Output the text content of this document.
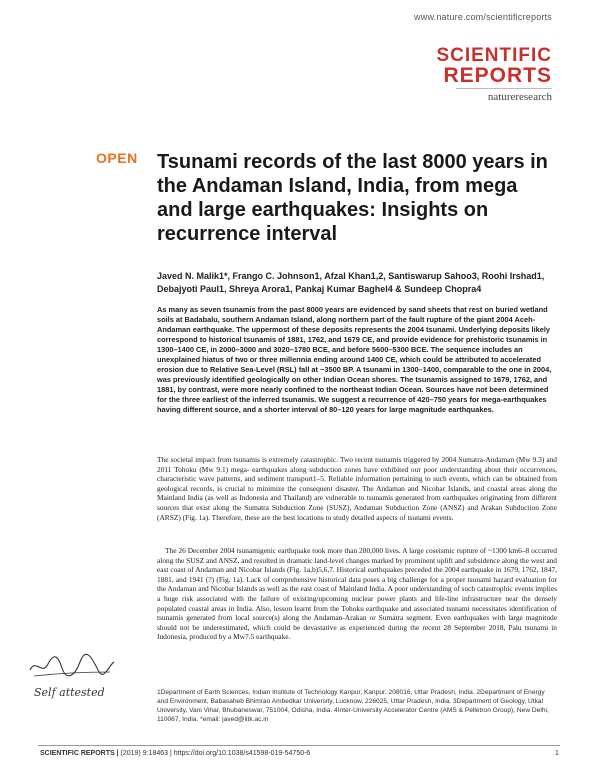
www.nature.com/scientificreports
SCIENTIFIC
REPORTS
natureresearch
OPEN Tsunami records of the last 8000 years in the Andaman Island, India, from mega and large earthquakes: Insights on recurrence interval
Javed N. Malik1*, Frango C. Johnson1, Afzal Khan1,2, Santiswarup Sahoo3, Roohi Irshad1, Debajyoti Paul1, Shreya Arora1, Pankaj Kumar Baghel4 & Sundeep Chopra4
As many as seven tsunamis from the past 8000 years are evidenced by sand sheets that rest on buried wetland soils at Badabalu, southern Andaman Island, along northern part of the fault rupture of the giant 2004 Aceh-Andaman earthquake. The uppermost of these deposits represents the 2004 tsunami. Underlying deposits likely correspond to historical tsunamis of 1881, 1762, and 1679 CE, and provide evidence for prehistoric tsunamis in 1300–1400 CE, in 2000–3000 and 3020–1780 BCE, and before 5600–5300 BCE. The sequence includes an unexplained hiatus of two or three millennia ending around 1400 CE, which could be attributed to accelerated erosion due to Relative Sea-Level (RSL) fall at ~3500 BP. A tsunami in 1300–1400, comparable to the one in 2004, was previously identified geologically on other Indian Ocean shores. The tsunamis assigned to 1679, 1762, and 1881, by contrast, were more nearly confined to the northeast Indian Ocean. Sources have not been determined for the three earliest of the inferred tsunamis. We suggest a recurrence of 420–750 years for mega-earthquakes having different source, and a shorter interval of 80–120 years for large magnitude earthquakes.
The societal impact from tsunamis is extremely catastrophic. Two recent tsunamis triggered by 2004 Sumatra-Andaman (Mw 9.3) and 2011 Tohoku (Mw 9.1) mega- earthquakes along subduction zones have exhibited our poor understanding about their occurrences, characteristic wave patterns, and sediment transport1–5. Reliable information pertaining to such events, which can be obtained from geological records, is crucial to minimize the consequent disaster. The Andaman and Nicobar Islands, and coastal areas along the Mainland India (as well as Indonesia and Thailand) are vulnerable to tsunamis generated from earthquakes originating from different sources that exist along the Sumatra Subduction Zone (SUSZ), Andaman Subduction Zone (ANSZ) and Arakan Subduction Zone (ARSZ) (Fig. 1a). Therefore, these are the best locations to study detailed aspects of tsunami events.
The 26 December 2004 tsunamigenic earthquake took more than 280,000 lives. A large coseismic rupture of ~1300 km6–8 occurred along the SUSZ and ANSZ, and resulted in dramatic land-level changes marked by prominent uplift and subsidence along the west and east coast of Andaman and Nicobar Islands (Fig. 1a,b)5,6,7. Historical earthquakes preceded the 2004 earthquake in 1679, 1762, 1847, 1881, and 1941 (?) (Fig. 1a). Lack of comprehensive historical data poses a big challenge for a proper tsunami hazard evaluation for the Andaman and Nicobar Islands as well as the east coast of Mainland India. A poor understanding of such catastrophic events implies a huge risk associated with the failure of existing/upcoming nuclear power plants and life-line infrastructure near the densely populated coastal areas in India. Also, lesson learnt from the Tohoku earthquake and associated tsunami necessitates identification of tsunamis generated from local source(s) along the Andaman-Arakan or Sumatra segment. Even earthquakes with large magnitude should not be underestimated, which could be devastative as experienced during the recent 28 September 2018, Palu tsunami in Indonesia, produced by a Mw7.5 earthquake.
Self attested	1Department of Earth Sciences, Indian Institute of Technology Kanpur, Kanpur, 208016, Uttar Pradesh, India. 2Department of Energy and Environment, Babasaheb Bhimrao Ambedkar University, Lucknow, 226025, Uttar Pradesh, India. 3Department of Geology, Utkal University, Vani Vihar, Bhubaneswar, 751004, Odisha, India. 4Inter-University Accelerator Centre (AMS & Pelletron Group), New Delhi, 110067, India. *email: javed@iitk.ac.in
SCIENTIFIC REPORTS | (2019) 9:18463 | https://doi.org/10.1038/s41598-019-54750-6	1
